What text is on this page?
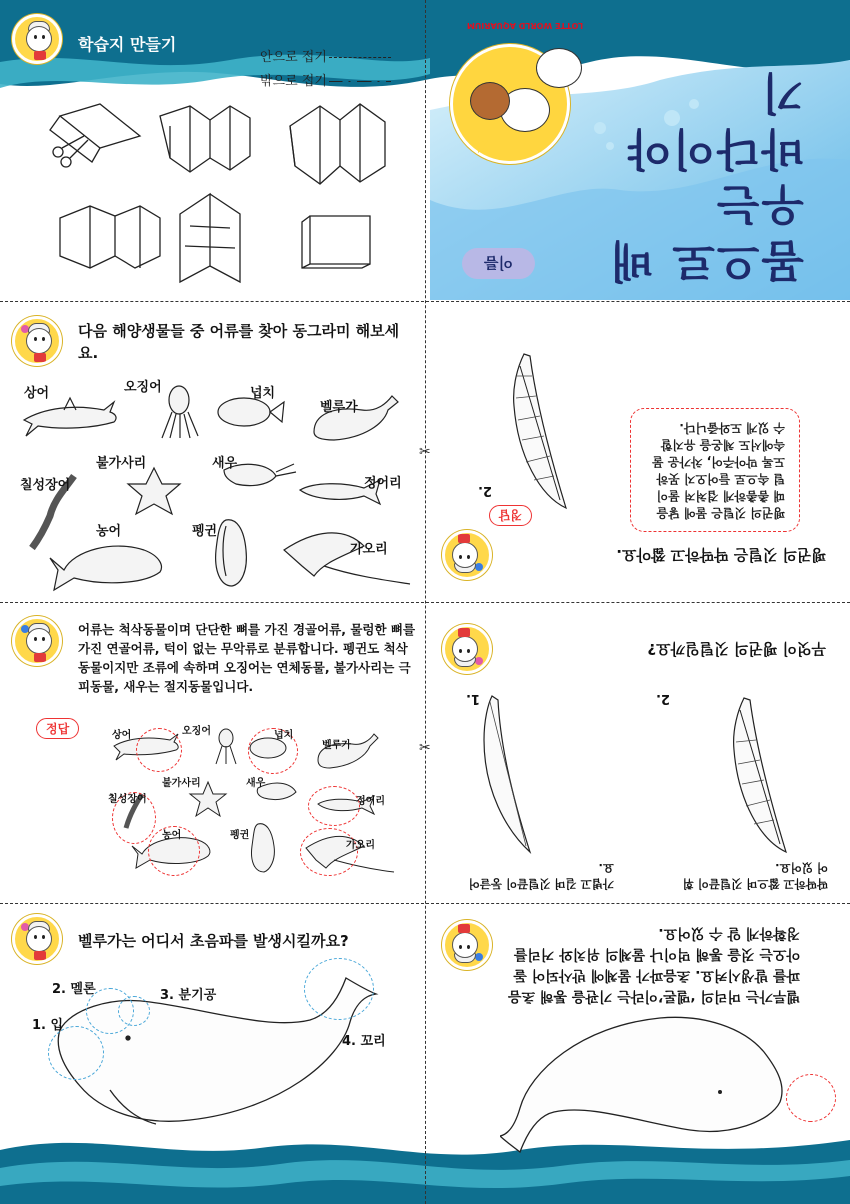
✂
✂
학습지 만들기
안으로 접기
밖으로 접기
LOTTE WORLD AQUARIUM
몸으로 배우는
바다이야기
이름
다음 해양생물들 중 어류를 찾아 동그라미 해보세요.
상어	오징어	넙치
벨루가
불가사리	새우
칠성장어	정어리
농어	펭귄
가오리
어류는 척삭동물이며 단단한 뼈를 가진 경골어류, 물렁한 뼈를 가진 연골어류, 턱이 없는 무악류로 분류합니다. 펭귄도 척삭동물이지만 조류에 속하며 오징어는 연체동물, 불가사리는 극피동물, 새우는 절지동물입니다.
정답	상어	오징어	넙치
벨루가
불가사리	새우
칠성장어	정어리
농어	펭귄
가오리
벨루가는 어디서 초음파를 발생시킬까요?
1. 입
2. 멜론	3. 분기공
4. 꼬리
펭귄의 깃털은 딱딱하고 짧아요.
정답
2.
펭귄의 깃털은 물에 닿을 때 촘촘하게 겹쳐져 물이 털 속으로 들어오지 못하도록 막아주어, 차가운 물 속에서도 체온을 유지할 수 있게 도와줍니다.
무엇이 펭귄의 깃털일까요?
1.	2.
가볍고 길며 깃털끝이 둥글어요.
딱딱하고 짧으며 깃털끝이 휘어 있어요.
벨루가는 머리의 ‘멜론’이라는 기관을 통해 초음파를 발생시켜요. 초음파가 물체에 반사되어 돌아오는 것을 통해 먹이나 물체의 위치와 거리를 정확하게 알 수 있어요.
